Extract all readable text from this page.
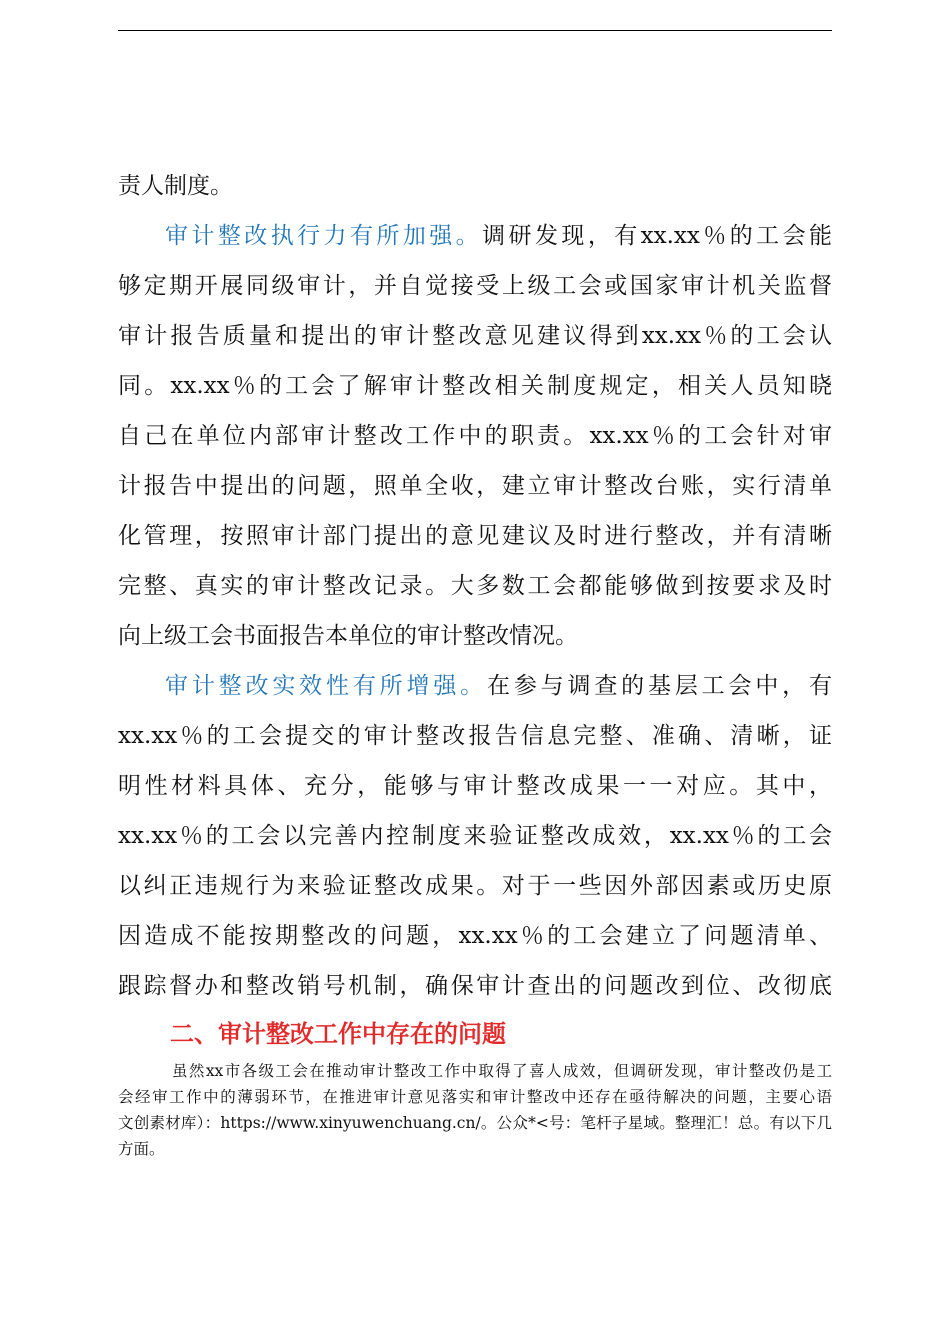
责人制度。
审计整改执行力有所加强。调研发现，有xx.xx％的工会能
够定期开展同级审计，并自觉接受上级工会或国家审计机关监督
审计报告质量和提出的审计整改意见建议得到xx.xx％的工会认
同。xx.xx％的工会了解审计整改相关制度规定，相关人员知晓
自己在单位内部审计整改工作中的职责。xx.xx％的工会针对审
计报告中提出的问题，照单全收，建立审计整改台账，实行清单
化管理，按照审计部门提出的意见建议及时进行整改，并有清晰
完整、真实的审计整改记录。大多数工会都能够做到按要求及时
向上级工会书面报告本单位的审计整改情况。
审计整改实效性有所增强。在参与调查的基层工会中，有
xx.xx％的工会提交的审计整改报告信息完整、准确、清晰，证
明性材料具体、充分，能够与审计整改成果一一对应。其中，
xx.xx％的工会以完善内控制度来验证整改成效，xx.xx％的工会
以纠正违规行为来验证整改成果。对于一些因外部因素或历史原
因造成不能按期整改的问题，xx.xx％的工会建立了问题清单、
跟踪督办和整改销号机制，确保审计查出的问题改到位、改彻底
二、审计整改工作中存在的问题
虽然xx市各级工会在推动审计整改工作中取得了喜人成效，但调研发现，审计整改仍是工
会经审工作中的薄弱环节，在推进审计意见落实和审计整改中还存在亟待解决的问题，主要心语
文创素材库）：https://www.xinyuwenchuang.cn/。公众*<号：笔杆子星域。整理汇！总。有以下几
方面。
